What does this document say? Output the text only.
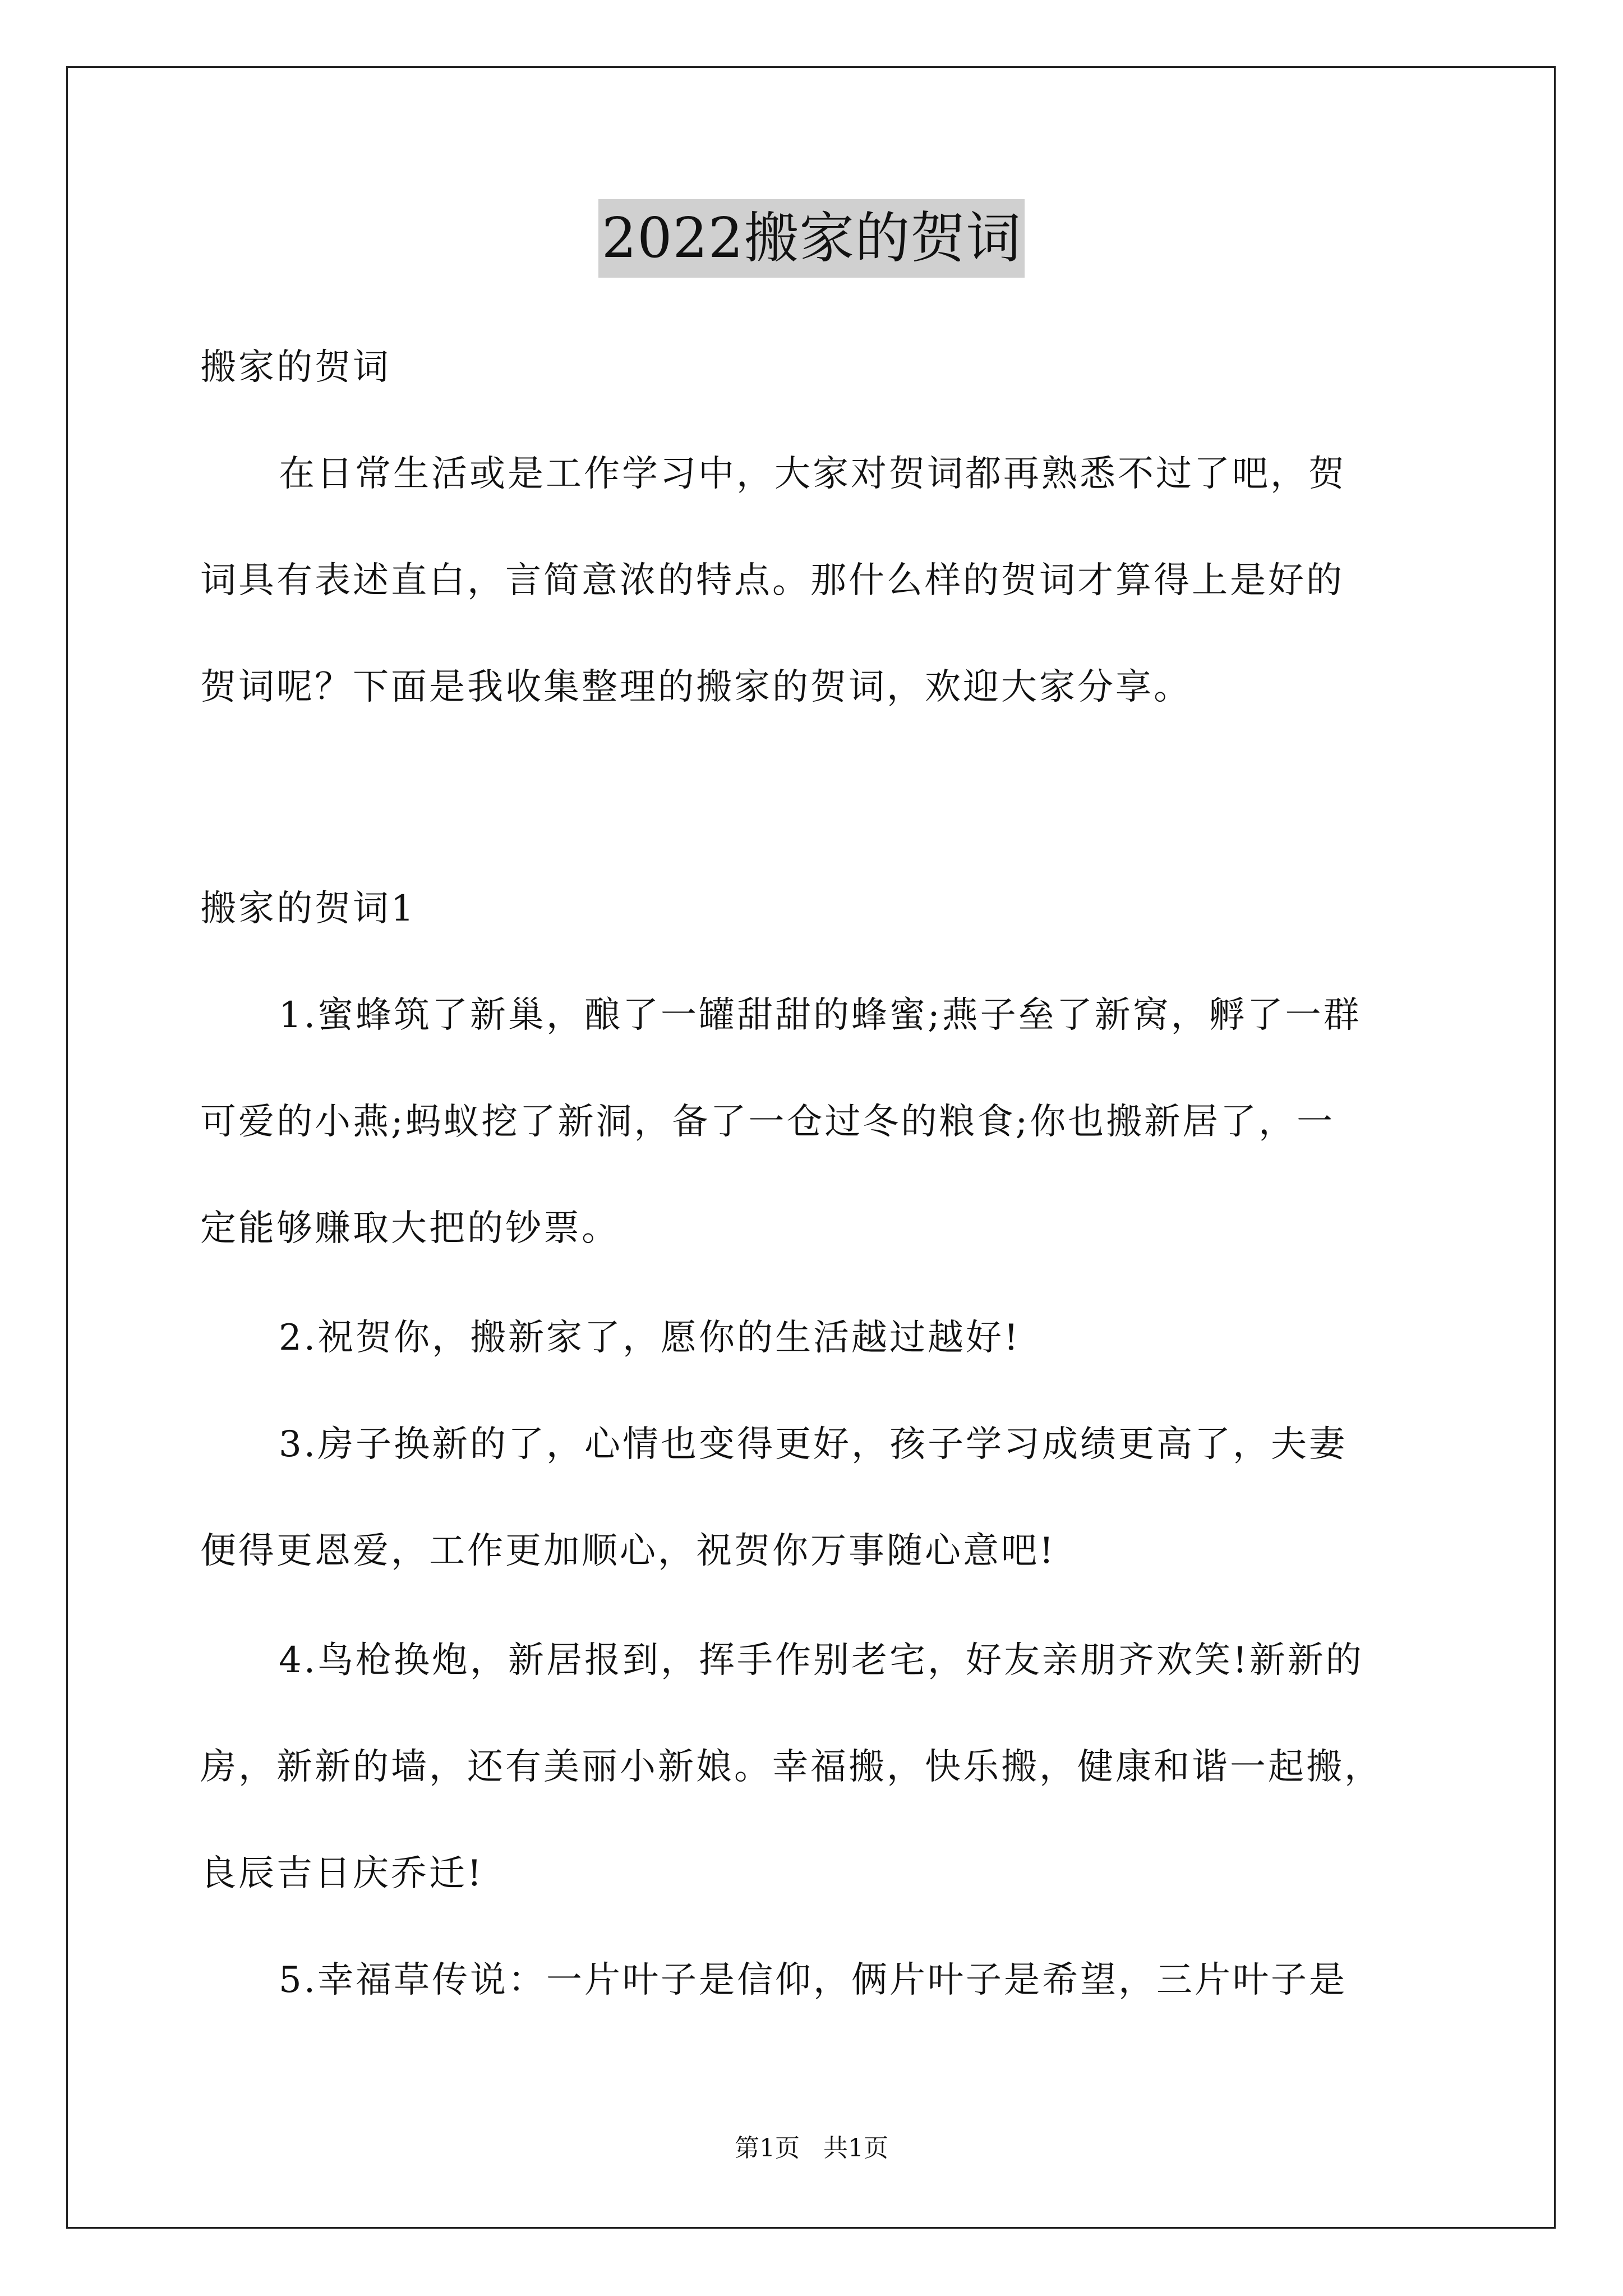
2022搬家的贺词
搬家的贺词
在日常生活或是工作学习中，大家对贺词都再熟悉不过了吧，贺
词具有表述直白，言简意浓的特点。那什么样的贺词才算得上是好的
贺词呢？下面是我收集整理的搬家的贺词，欢迎大家分享。
搬家的贺词1
1.蜜蜂筑了新巢，酿了一罐甜甜的蜂蜜;燕子垒了新窝，孵了一群
可爱的小燕;蚂蚁挖了新洞，备了一仓过冬的粮食;你也搬新居了，一
定能够赚取大把的钞票。
2.祝贺你，搬新家了，愿你的生活越过越好!
3.房子换新的了，心情也变得更好，孩子学习成绩更高了，夫妻
便得更恩爱，工作更加顺心，祝贺你万事随心意吧!
4.鸟枪换炮，新居报到，挥手作别老宅，好友亲朋齐欢笑!新新的
房，新新的墙，还有美丽小新娘。幸福搬，快乐搬，健康和谐一起搬，
良辰吉日庆乔迁!
5.幸福草传说：一片叶子是信仰，俩片叶子是希望，三片叶子是
第1页 共1页
